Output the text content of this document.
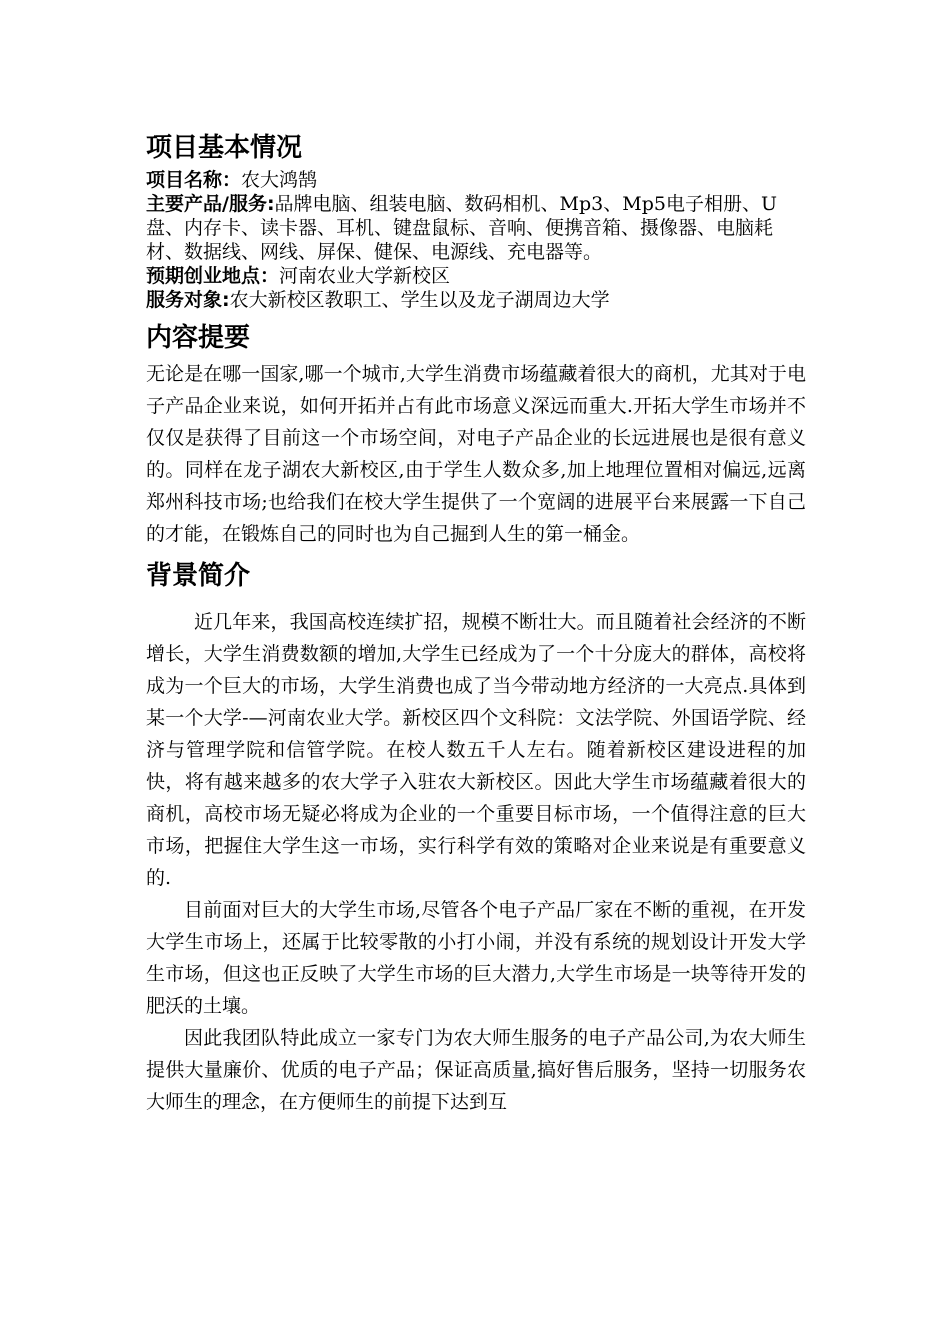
项目基本情况

项目名称：农大鸿鹄

主要产品/服务:品牌电脑、组装电脑、数码相机、Mp3、Mp5电子相册、U盘、内存卡、读卡器、耳机、键盘鼠标、音响、便携音箱、摄像器、电脑耗材、数据线、网线、屏保、健保、电源线、充电器等。

预期创业地点：河南农业大学新校区

服务对象:农大新校区教职工、学生以及龙子湖周边大学

内容提要

无论是在哪一国家,哪一个城市,大学生消费市场蕴藏着很大的商机，尤其对于电子产品企业来说，如何开拓并占有此市场意义深远而重大.开拓大学生市场并不仅仅是获得了目前这一个市场空间，对电子产品企业的长远进展也是很有意义的。同样在龙子湖农大新校区,由于学生人数众多,加上地理位置相对偏远,远离郑州科技市场;也给我们在校大学生提供了一个宽阔的进展平台来展露一下自己的才能，在锻炼自己的同时也为自己掘到人生的第一桶金。

背景简介

近几年来，我国高校连续扩招，规模不断壮大。而且随着社会经济的不断增长，大学生消费数额的增加,大学生已经成为了一个十分庞大的群体，高校将成为一个巨大的市场，大学生消费也成了当今带动地方经济的一大亮点.具体到某一个大学-—河南农业大学。新校区四个文科院：文法学院、外国语学院、经济与管理学院和信管学院。在校人数五千人左右。随着新校区建设进程的加快，将有越来越多的农大学子入驻农大新校区。因此大学生市场蕴藏着很大的商机，高校市场无疑必将成为企业的一个重要目标市场，一个值得注意的巨大市场，把握住大学生这一市场，实行科学有效的策略对企业来说是有重要意义的.

目前面对巨大的大学生市场,尽管各个电子产品厂家在不断的重视，在开发大学生市场上，还属于比较零散的小打小闹，并没有系统的规划设计开发大学生市场，但这也正反映了大学生市场的巨大潜力,大学生市场是一块等待开发的肥沃的土壤。

因此我团队特此成立一家专门为农大师生服务的电子产品公司,为农大师生提供大量廉价、优质的电子产品；保证高质量,搞好售后服务，坚持一切服务农大师生的理念，在方便师生的前提下达到互
